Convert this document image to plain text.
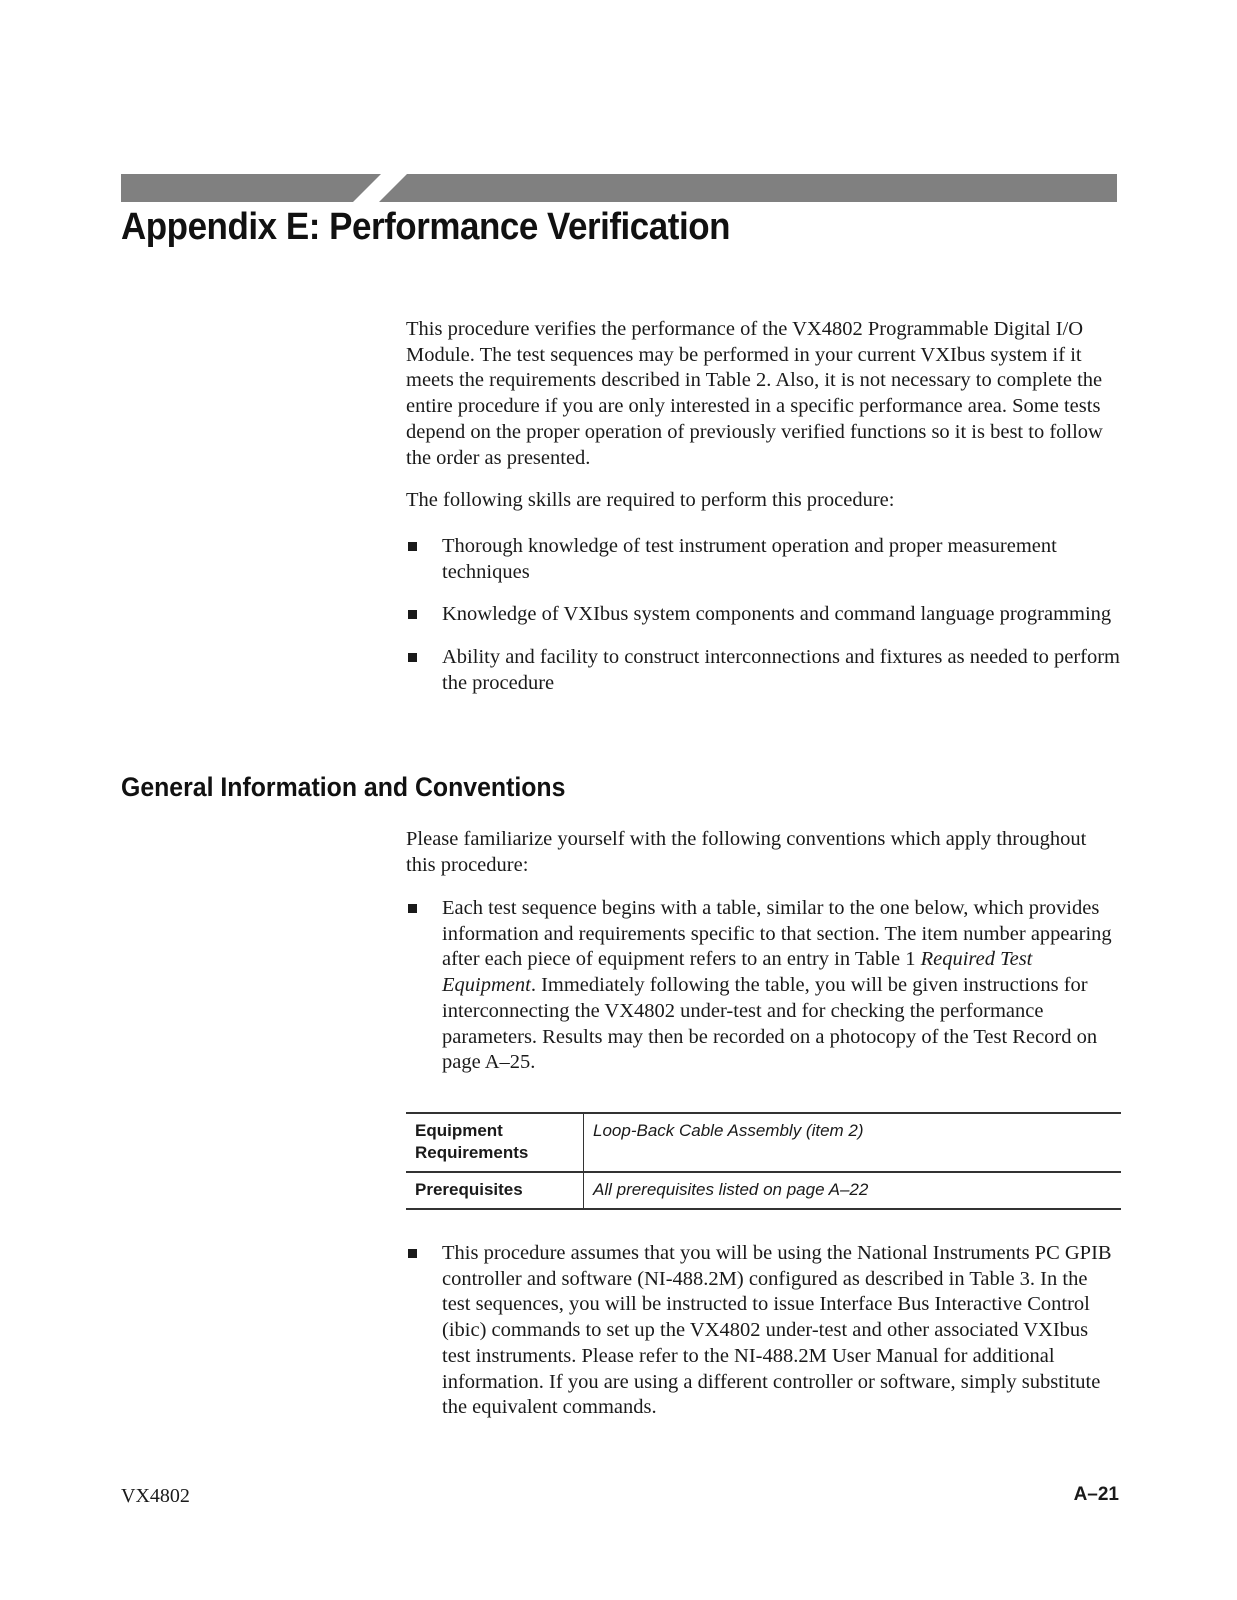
Appendix E: Performance Verification

This procedure verifies the performance of the VX4802 Programmable Digital I/O Module. The test sequences may be performed in your current VXIbus system if it meets the requirements described in Table 2. Also, it is not necessary to complete the entire procedure if you are only interested in a specific performance area. Some tests depend on the proper operation of previously verified functions so it is best to follow the order as presented.

The following skills are required to perform this procedure:

Thorough knowledge of test instrument operation and proper measurement techniques
Knowledge of VXIbus system components and command language programming
Ability and facility to construct interconnections and fixtures as needed to perform the procedure
General Information and Conventions

Please familiarize yourself with the following conventions which apply throughout this procedure:

Each test sequence begins with a table, similar to the one below, which provides information and requirements specific to that section. The item number appearing after each piece of equipment refers to an entry in Table 1 Required Test Equipment. Immediately following the table, you will be given instructions for interconnecting the VX4802 under-test and for checking the performance parameters. Results may then be recorded on a photocopy of the Test Record on page A–25.
Equipment Requirements	Loop-Back Cable Assembly (item 2)
Prerequisites	All prerequisites listed on page A–22
This procedure assumes that you will be using the National Instruments PC GPIB controller and software (NI-488.2M) configured as described in Table 3. In the test sequences, you will be instructed to issue Interface Bus Interactive Control (ibic) commands to set up the VX4802 under-test and other associated VXIbus test instruments. Please refer to the NI-488.2M User Manual for additional information. If you are using a different controller or software, simply substitute the equivalent commands.
VX4802	A–21
